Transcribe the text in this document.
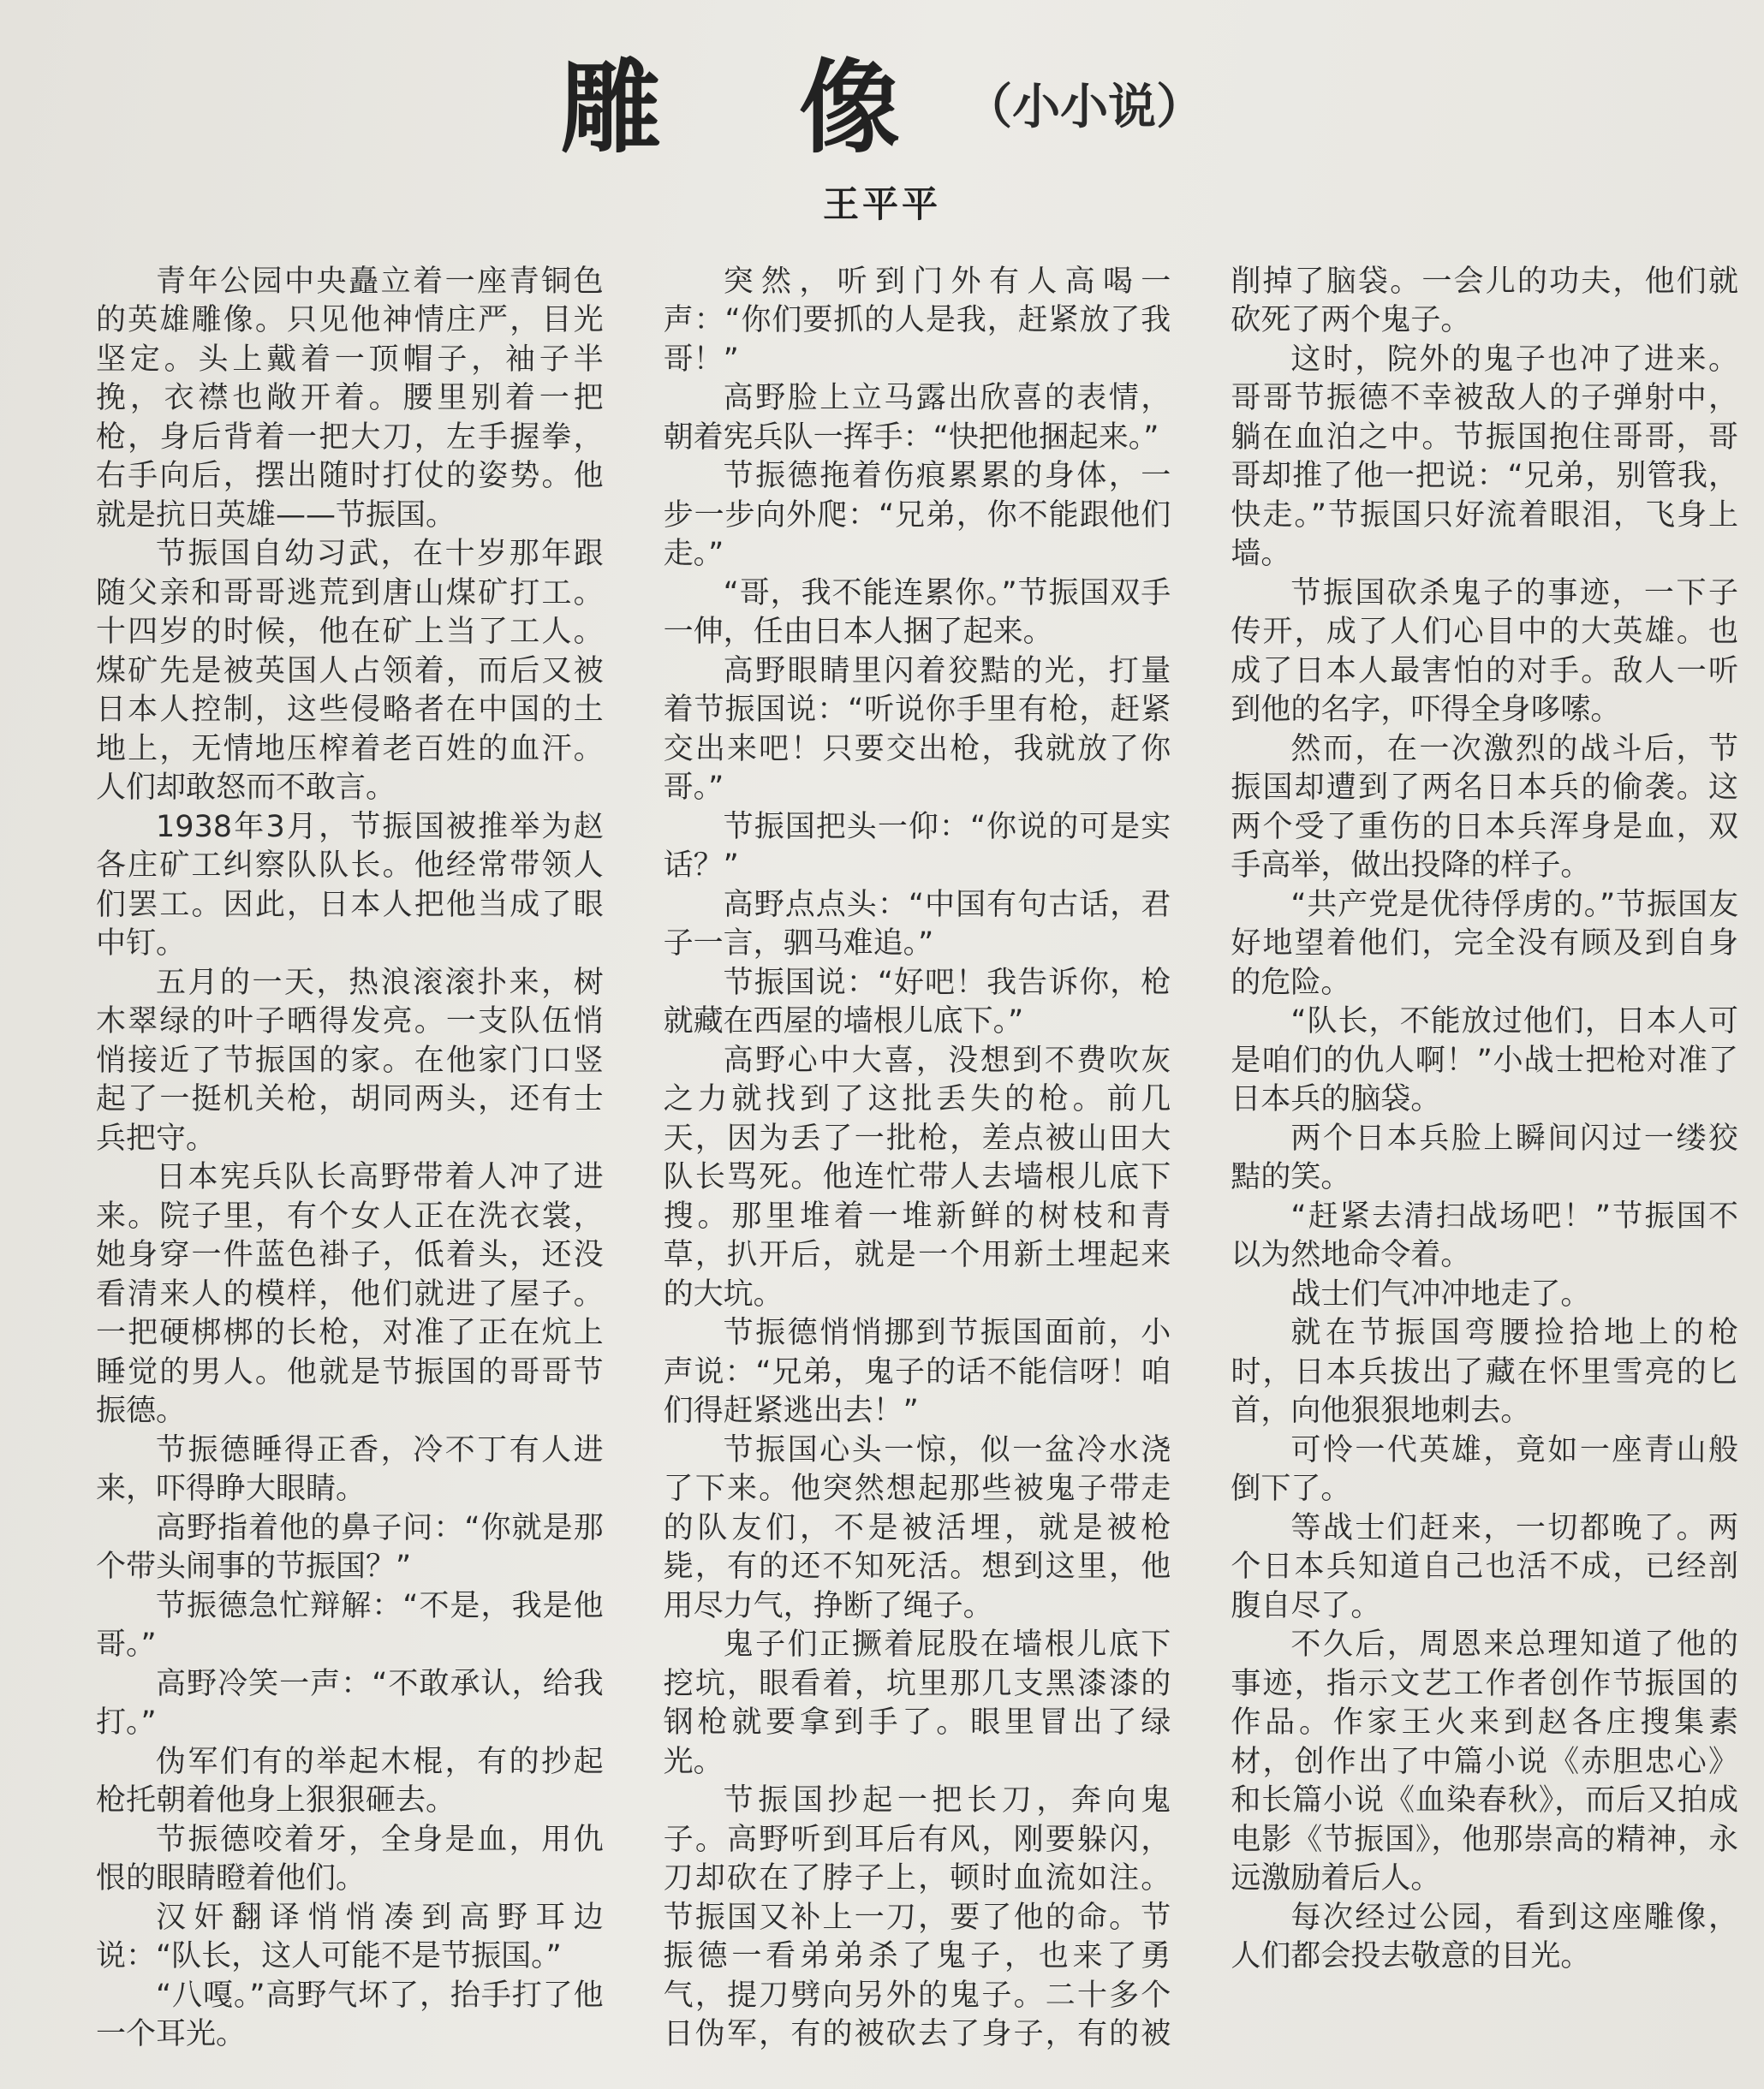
雕 像 （小小说）
王平平

青年公园中央矗立着一座青铜色的英雄雕像。只见他神情庄严，目光坚定。头上戴着一顶帽子，袖子半挽，衣襟也敞开着。腰里别着一把枪，身后背着一把大刀，左手握拳，右手向后，摆出随时打仗的姿势。他就是抗日英雄——节振国。

节振国自幼习武，在十岁那年跟随父亲和哥哥逃荒到唐山煤矿打工。十四岁的时候，他在矿上当了工人。煤矿先是被英国人占领着，而后又被日本人控制，这些侵略者在中国的土地上，无情地压榨着老百姓的血汗。人们却敢怒而不敢言。

1938年3月，节振国被推举为赵各庄矿工纠察队队长。他经常带领人们罢工。因此，日本人把他当成了眼中钉。

五月的一天，热浪滚滚扑来，树木翠绿的叶子晒得发亮。一支队伍悄悄接近了节振国的家。在他家门口竖起了一挺机关枪，胡同两头，还有士兵把守。

日本宪兵队长高野带着人冲了进来。院子里，有个女人正在洗衣裳，她身穿一件蓝色褂子，低着头，还没看清来人的模样，他们就进了屋子。一把硬梆梆的长枪，对准了正在炕上睡觉的男人。他就是节振国的哥哥节振德。

节振德睡得正香，冷不丁有人进来，吓得睁大眼睛。

高野指着他的鼻子问：“你就是那个带头闹事的节振国？”

节振德急忙辩解：“不是，我是他哥。”

高野冷笑一声：“不敢承认，给我打。”

伪军们有的举起木棍，有的抄起枪托朝着他身上狠狠砸去。

节振德咬着牙，全身是血，用仇恨的眼睛瞪着他们。

汉奸翻译悄悄凑到高野耳边说：“队长，这人可能不是节振国。”

“八嘎。”高野气坏了，抬手打了他一个耳光。

突然，听到门外有人高喝一声：“你们要抓的人是我，赶紧放了我哥！”

高野脸上立马露出欣喜的表情，朝着宪兵队一挥手：“快把他捆起来。”

节振德拖着伤痕累累的身体，一步一步向外爬：“兄弟，你不能跟他们走。”

“哥，我不能连累你。”节振国双手一伸，任由日本人捆了起来。

高野眼睛里闪着狡黠的光，打量着节振国说：“听说你手里有枪，赶紧交出来吧！只要交出枪，我就放了你哥。”

节振国把头一仰：“你说的可是实话？”

高野点点头：“中国有句古话，君子一言，驷马难追。”

节振国说：“好吧！我告诉你，枪就藏在西屋的墙根儿底下。”

高野心中大喜，没想到不费吹灰之力就找到了这批丢失的枪。前几天，因为丢了一批枪，差点被山田大队长骂死。他连忙带人去墙根儿底下搜。那里堆着一堆新鲜的树枝和青草，扒开后，就是一个用新土埋起来的大坑。

节振德悄悄挪到节振国面前，小声说：“兄弟，鬼子的话不能信呀！咱们得赶紧逃出去！”

节振国心头一惊，似一盆冷水浇了下来。他突然想起那些被鬼子带走的队友们，不是被活埋，就是被枪毙，有的还不知死活。想到这里，他用尽力气，挣断了绳子。

鬼子们正撅着屁股在墙根儿底下挖坑，眼看着，坑里那几支黑漆漆的钢枪就要拿到手了。眼里冒出了绿光。

节振国抄起一把长刀，奔向鬼子。高野听到耳后有风，刚要躲闪，刀却砍在了脖子上，顿时血流如注。节振国又补上一刀，要了他的命。节振德一看弟弟杀了鬼子，也来了勇气，提刀劈向另外的鬼子。二十多个日伪军，有的被砍去了身子，有的被削掉了脑袋。一会儿的功夫，他们就砍死了两个鬼子。

这时，院外的鬼子也冲了进来。哥哥节振德不幸被敌人的子弹射中，躺在血泊之中。节振国抱住哥哥，哥哥却推了他一把说：“兄弟，别管我，快走。”节振国只好流着眼泪，飞身上墙。

节振国砍杀鬼子的事迹，一下子传开，成了人们心目中的大英雄。也成了日本人最害怕的对手。敌人一听到他的名字，吓得全身哆嗦。

然而，在一次激烈的战斗后，节振国却遭到了两名日本兵的偷袭。这两个受了重伤的日本兵浑身是血，双手高举，做出投降的样子。

“共产党是优待俘虏的。”节振国友好地望着他们，完全没有顾及到自身的危险。

“队长，不能放过他们，日本人可是咱们的仇人啊！”小战士把枪对准了日本兵的脑袋。

两个日本兵脸上瞬间闪过一缕狡黠的笑。

“赶紧去清扫战场吧！”节振国不以为然地命令着。

战士们气冲冲地走了。

就在节振国弯腰捡拾地上的枪时，日本兵拔出了藏在怀里雪亮的匕首，向他狠狠地刺去。

可怜一代英雄，竟如一座青山般倒下了。

等战士们赶来，一切都晚了。两个日本兵知道自己也活不成，已经剖腹自尽了。

不久后，周恩来总理知道了他的事迹，指示文艺工作者创作节振国的作品。作家王火来到赵各庄搜集素材，创作出了中篇小说《赤胆忠心》和长篇小说《血染春秋》，而后又拍成电影《节振国》，他那崇高的精神，永远激励着后人。

每次经过公园，看到这座雕像，人们都会投去敬意的目光。
